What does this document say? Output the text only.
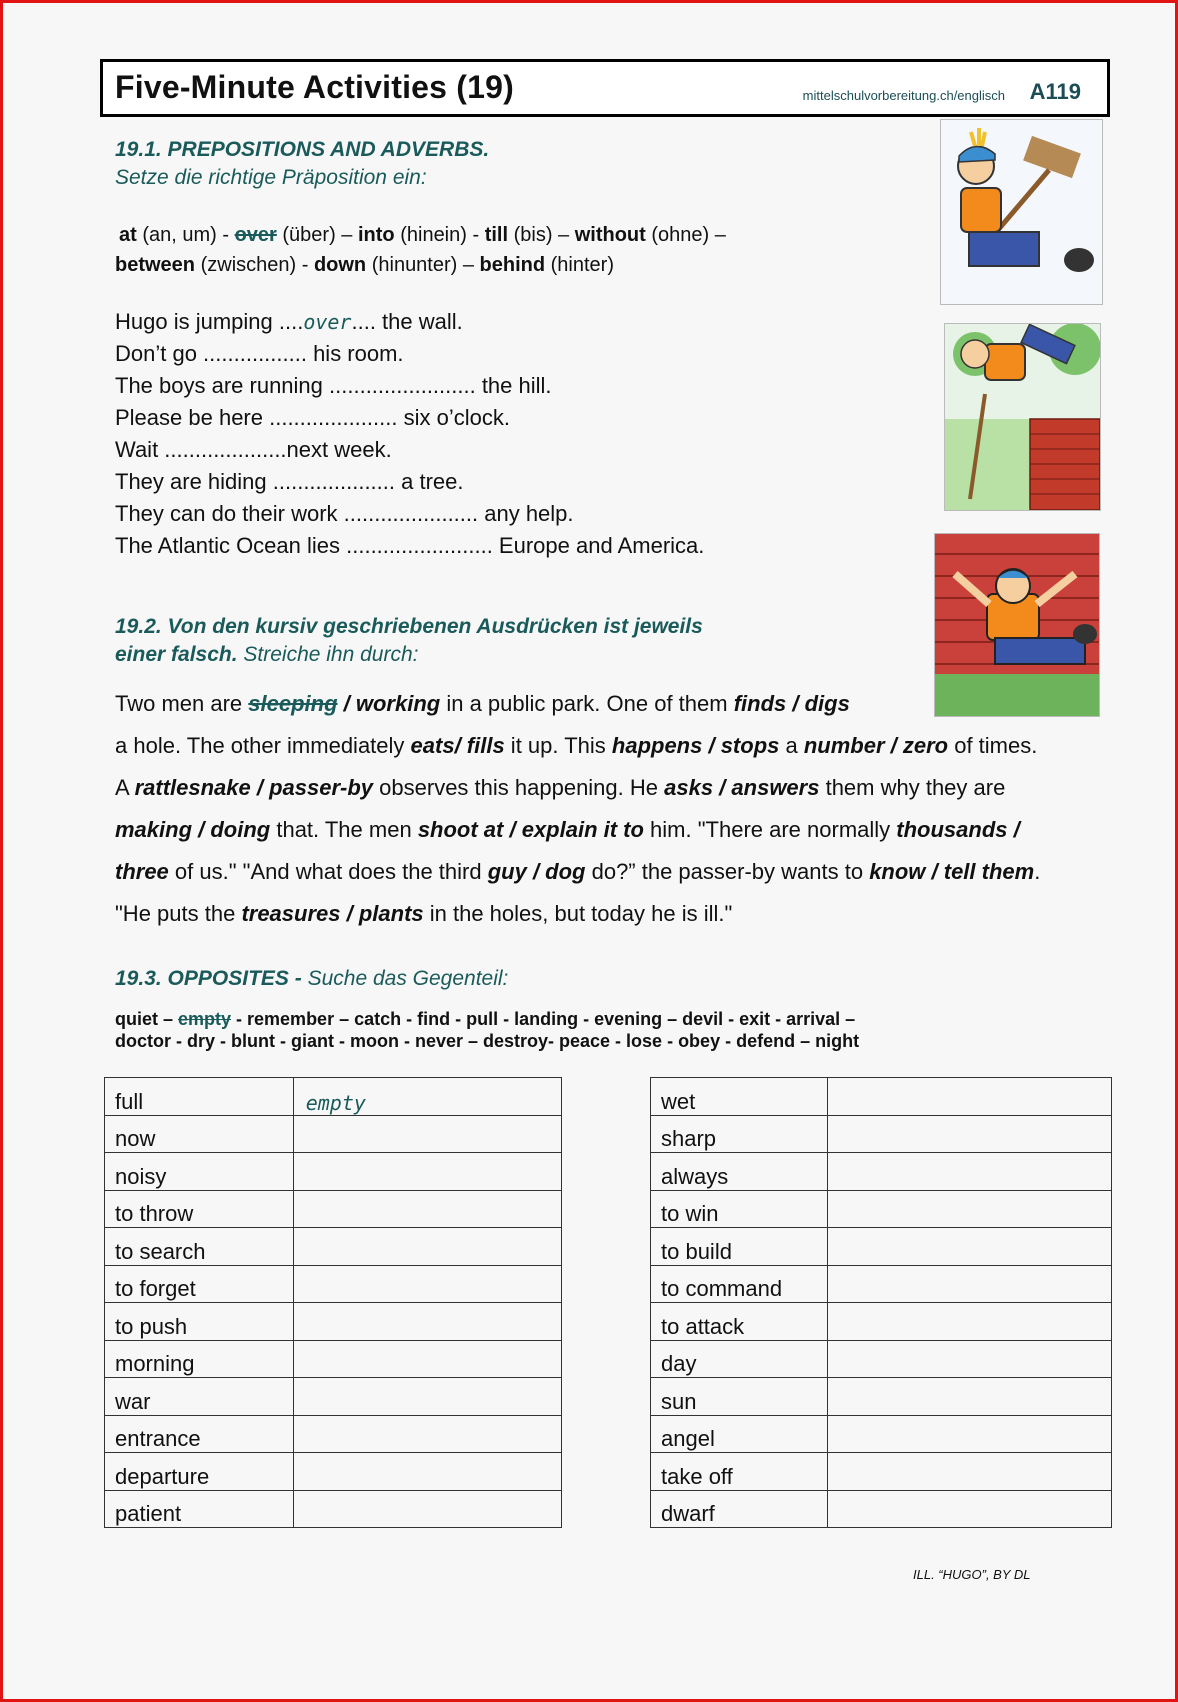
Five-Minute Activities (19)	mittelschulvorbereitung.ch/englisch A119
19.1. PREPOSITIONS AND ADVERBS.
Setze die richtige Präposition ein:
at (an, um) - over (über) – into (hinein) - till (bis) – without (ohne) –
between (zwischen) - down (hinunter) – behind (hinter)
Hugo is jumping ....over.... the wall.
Don’t go ................. his room.
The boys are running ........................ the hill.
Please be here ..................... six o’clock.
Wait ....................next week.
They are hiding .................... a tree.
They can do their work ...................... any help.
The Atlantic Ocean lies ........................ Europe and America.
19.2. Von den kursiv geschriebenen Ausdrücken ist jeweils
einer falsch. Streiche ihn durch:
Two men are sleeping / working in a public park. One of them finds / digs
a hole. The other immediately eats/ fills it up. This happens / stops a number / zero of times.
A rattlesnake / passer-by observes this happening. He asks / answers them why they are
making / doing that. The men shoot at / explain it to him. "There are normally thousands /
three of us." "And what does the third guy / dog do?” the passer-by wants to know / tell them.
"He puts the treasures / plants in the holes, but today he is ill."
19.3. OPPOSITES - Suche das Gegenteil:
quiet – empty - remember – catch - find - pull - landing - evening – devil - exit - arrival –
doctor - dry - blunt - giant - moon - never – destroy- peace - lose - obey - defend – night
full	empty
now	
noisy	
to throw	
to search	
to forget	
to push	
morning	
war	
entrance	
departure	
patient	
wet	
sharp	
always	
to win	
to build	
to command	
to attack	
day	
sun	
angel	
take off	
dwarf	
ILL. “HUGO”, BY DL
